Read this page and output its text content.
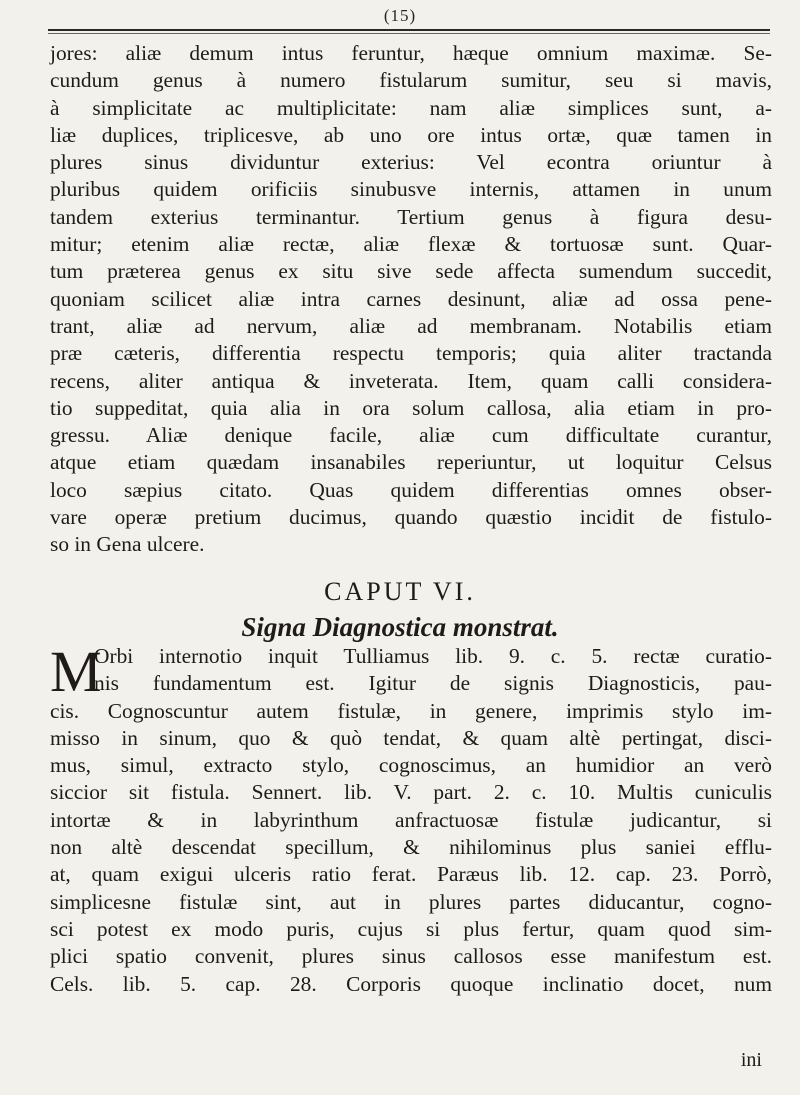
(15)
jores: aliæ demum intus feruntur, hæque omnium maximæ. Se-
cundum genus à numero fistularum sumitur, seu si mavis,
à simplicitate ac multiplicitate: nam aliæ simplices sunt, a-
liæ duplices, triplicesve, ab uno ore intus ortæ, quæ tamen in
plures sinus dividuntur exterius: Vel econtra oriuntur à
pluribus quidem orificiis sinubusve internis, attamen in unum
tandem exterius terminantur. Tertium genus à figura desu-
mitur; etenim aliæ rectæ, aliæ flexæ & tortuosæ sunt. Quar-
tum præterea genus ex situ sive sede affecta sumendum succedit,
quoniam scilicet aliæ intra carnes desinunt, aliæ ad ossa pene-
trant, aliæ ad nervum, aliæ ad membranam. Notabilis etiam
præ cæteris, differentia respectu temporis; quia aliter tractanda
recens, aliter antiqua & inveterata. Item, quam calli considera-
tio suppeditat, quia alia in ora solum callosa, alia etiam in pro-
gressu. Aliæ denique facile, aliæ cum difficultate curantur,
atque etiam quædam insanabiles reperiuntur, ut loquitur Celsus
loco sæpius citato. Quas quidem differentias omnes obser-
vare operæ pretium ducimus, quando quæstio incidit de fistulo-
so in Gena ulcere.
CAPUT VI.
Signa Diagnostica monstrat.
M
Orbi internotio inquit Tulliamus lib. 9. c. 5. rectæ curatio-
nis fundamentum est. Igitur de signis Diagnosticis, pau-
cis. Cognoscuntur autem fistulæ, in genere, imprimis stylo im-
misso in sinum, quo & quò tendat, & quam altè pertingat, disci-
mus, simul, extracto stylo, cognoscimus, an humidior an verò
siccior sit fistula. Sennert. lib. V. part. 2. c. 10. Multis cuniculis
intortæ & in labyrinthum anfractuosæ fistulæ judicantur, si
non altè descendat specillum, & nihilominus plus saniei efflu-
at, quam exigui ulceris ratio ferat. Paræus lib. 12. cap. 23. Porrò,
simplicesne fistulæ sint, aut in plures partes diducantur, cogno-
sci potest ex modo puris, cujus si plus fertur, quam quod sim-
plici spatio convenit, plures sinus callosos esse manifestum est.
Cels. lib. 5. cap. 28. Corporis quoque inclinatio docet, num
ini
